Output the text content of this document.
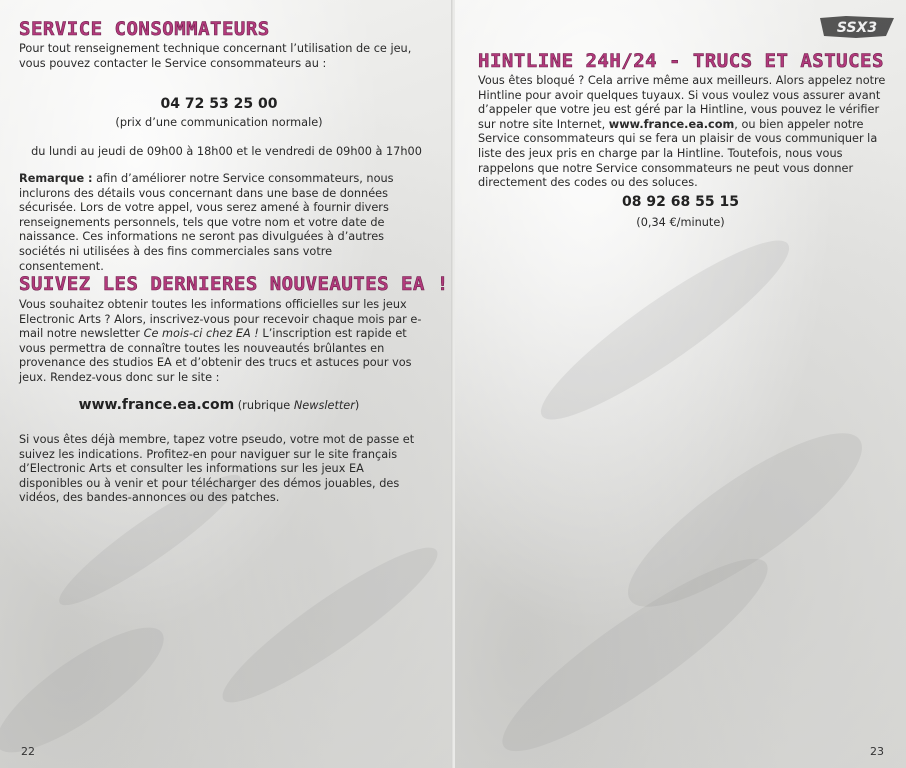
SERVICE CONSOMMATEURS

Pour tout renseignement technique concernant l’utilisation de ce jeu, vous pouvez contacter le Service consommateurs au :

04 72 53 25 00

(prix d’une communication normale)

du lundi au jeudi de 09h00 à 18h00 et le vendredi de 09h00 à 17h00

Remarque : afin d’améliorer notre Service consommateurs, nous inclurons des détails vous concernant dans une base de données sécurisée. Lors de votre appel, vous serez amené à fournir divers renseignements personnels, tels que votre nom et votre date de naissance. Ces informations ne seront pas divulguées à d’autres sociétés ni utilisées à des fins commerciales sans votre consentement.

SUIVEZ LES DERNIERES NOUVEAUTES EA !

Vous souhaitez obtenir toutes les informations officielles sur les jeux Electronic Arts ? Alors, inscrivez-vous pour recevoir chaque mois par e-mail notre newsletter Ce mois-ci chez EA ! L’inscription est rapide et vous permettra de connaître toutes les nouveautés brûlantes en provenance des studios EA et d’obtenir des trucs et astuces pour vos jeux. Rendez-vous donc sur le site :

www.france.ea.com (rubrique Newsletter)

Si vous êtes déjà membre, tapez votre pseudo, votre mot de passe et suivez les indications. Profitez-en pour naviguer sur le site français d’Electronic Arts et consulter les informations sur les jeux EA disponibles ou à venir et pour télécharger des démos jouables, des vidéos, des bandes-annonces ou des patches.

22
SSX3
HINTLINE 24H/24 - TRUCS ET ASTUCES

Vous êtes bloqué ? Cela arrive même aux meilleurs. Alors appelez notre Hintline pour avoir quelques tuyaux. Si vous voulez vous assurer avant d’appeler que votre jeu est géré par la Hintline, vous pouvez le vérifier sur notre site Internet, www.france.ea.com, ou bien appeler notre Service consommateurs qui se fera un plaisir de vous communiquer la liste des jeux pris en charge par la Hintline. Toutefois, nous vous rappelons que notre Service consommateurs ne peut vous donner directement des codes ou des soluces.

08 92 68 55 15

(0,34 €/minute)

23
